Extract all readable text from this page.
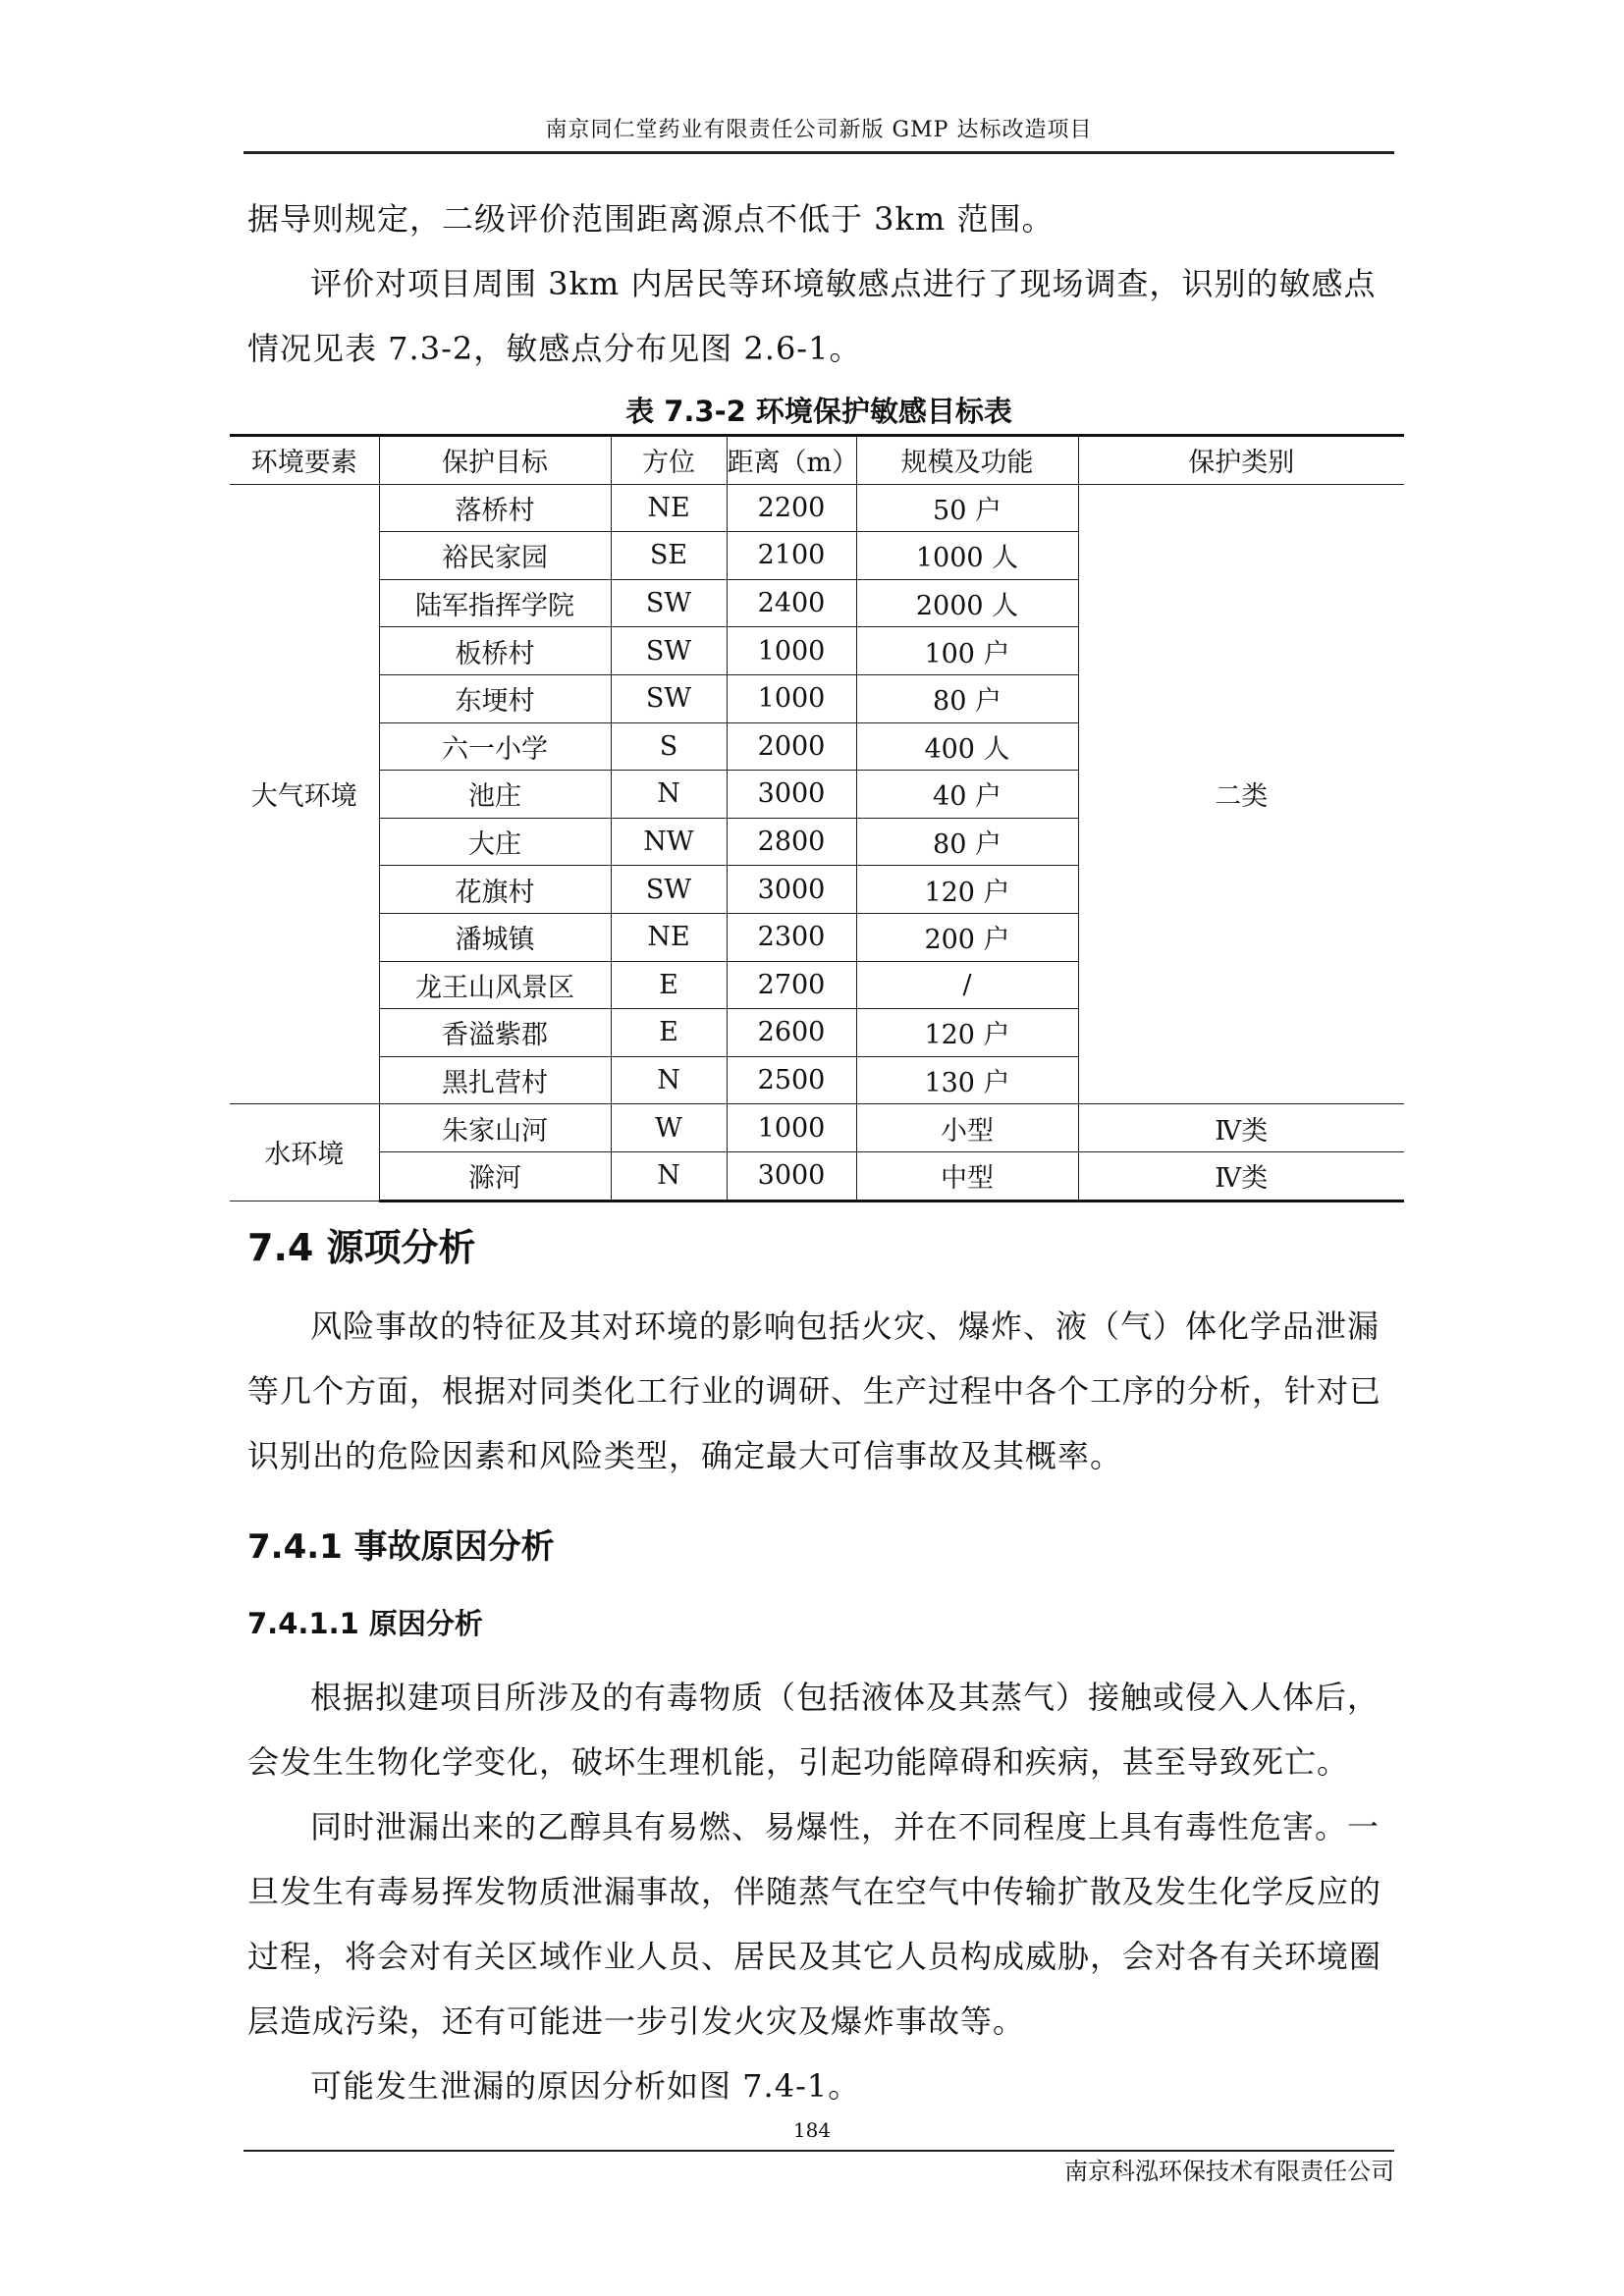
南京同仁堂药业有限责任公司新版 GMP 达标改造项目

据导则规定，二级评价范围距离源点不低于 3km 范围。

评价对项目周围 3km 内居民等环境敏感点进行了现场调查，识别的敏感点情况见表 7.3-2，敏感点分布见图 2.6-1。

表 7.3-2 环境保护敏感目标表
环境要素	保护目标	方位	距离（m）	规模及功能	保护类别
大气环境	落桥村	NE	2200	50 户	二类
	裕民家园	SE	2100	1000 人	
	陆军指挥学院	SW	2400	2000 人	
	板桥村	SW	1000	100 户	
	东埂村	SW	1000	80 户	
	六一小学	S	2000	400 人	
	池庄	N	3000	40 户	
	大庄	NW	2800	80 户	
	花旗村	SW	3000	120 户	
	潘城镇	NE	2300	200 户	
	龙王山风景区	E	2700	/	
	香溢紫郡	E	2600	120 户	
	黑扎营村	N	2500	130 户	
水环境	朱家山河	W	1000	小型	Ⅳ类
	滁河	N	3000	中型	Ⅳ类
7.4 源项分析

风险事故的特征及其对环境的影响包括火灾、爆炸、液（气）体化学品泄漏等几个方面，根据对同类化工行业的调研、生产过程中各个工序的分析，针对已识别出的危险因素和风险类型，确定最大可信事故及其概率。

7.4.1 事故原因分析
7.4.1.1 原因分析

根据拟建项目所涉及的有毒物质（包括液体及其蒸气）接触或侵入人体后，会发生生物化学变化，破坏生理机能，引起功能障碍和疾病，甚至导致死亡。

同时泄漏出来的乙醇具有易燃、易爆性，并在不同程度上具有毒性危害。一旦发生有毒易挥发物质泄漏事故，伴随蒸气在空气中传输扩散及发生化学反应的过程，将会对有关区域作业人员、居民及其它人员构成威胁，会对各有关环境圈层造成污染，还有可能进一步引发火灾及爆炸事故等。

可能发生泄漏的原因分析如图 7.4-1。

184
南京科泓环保技术有限责任公司
